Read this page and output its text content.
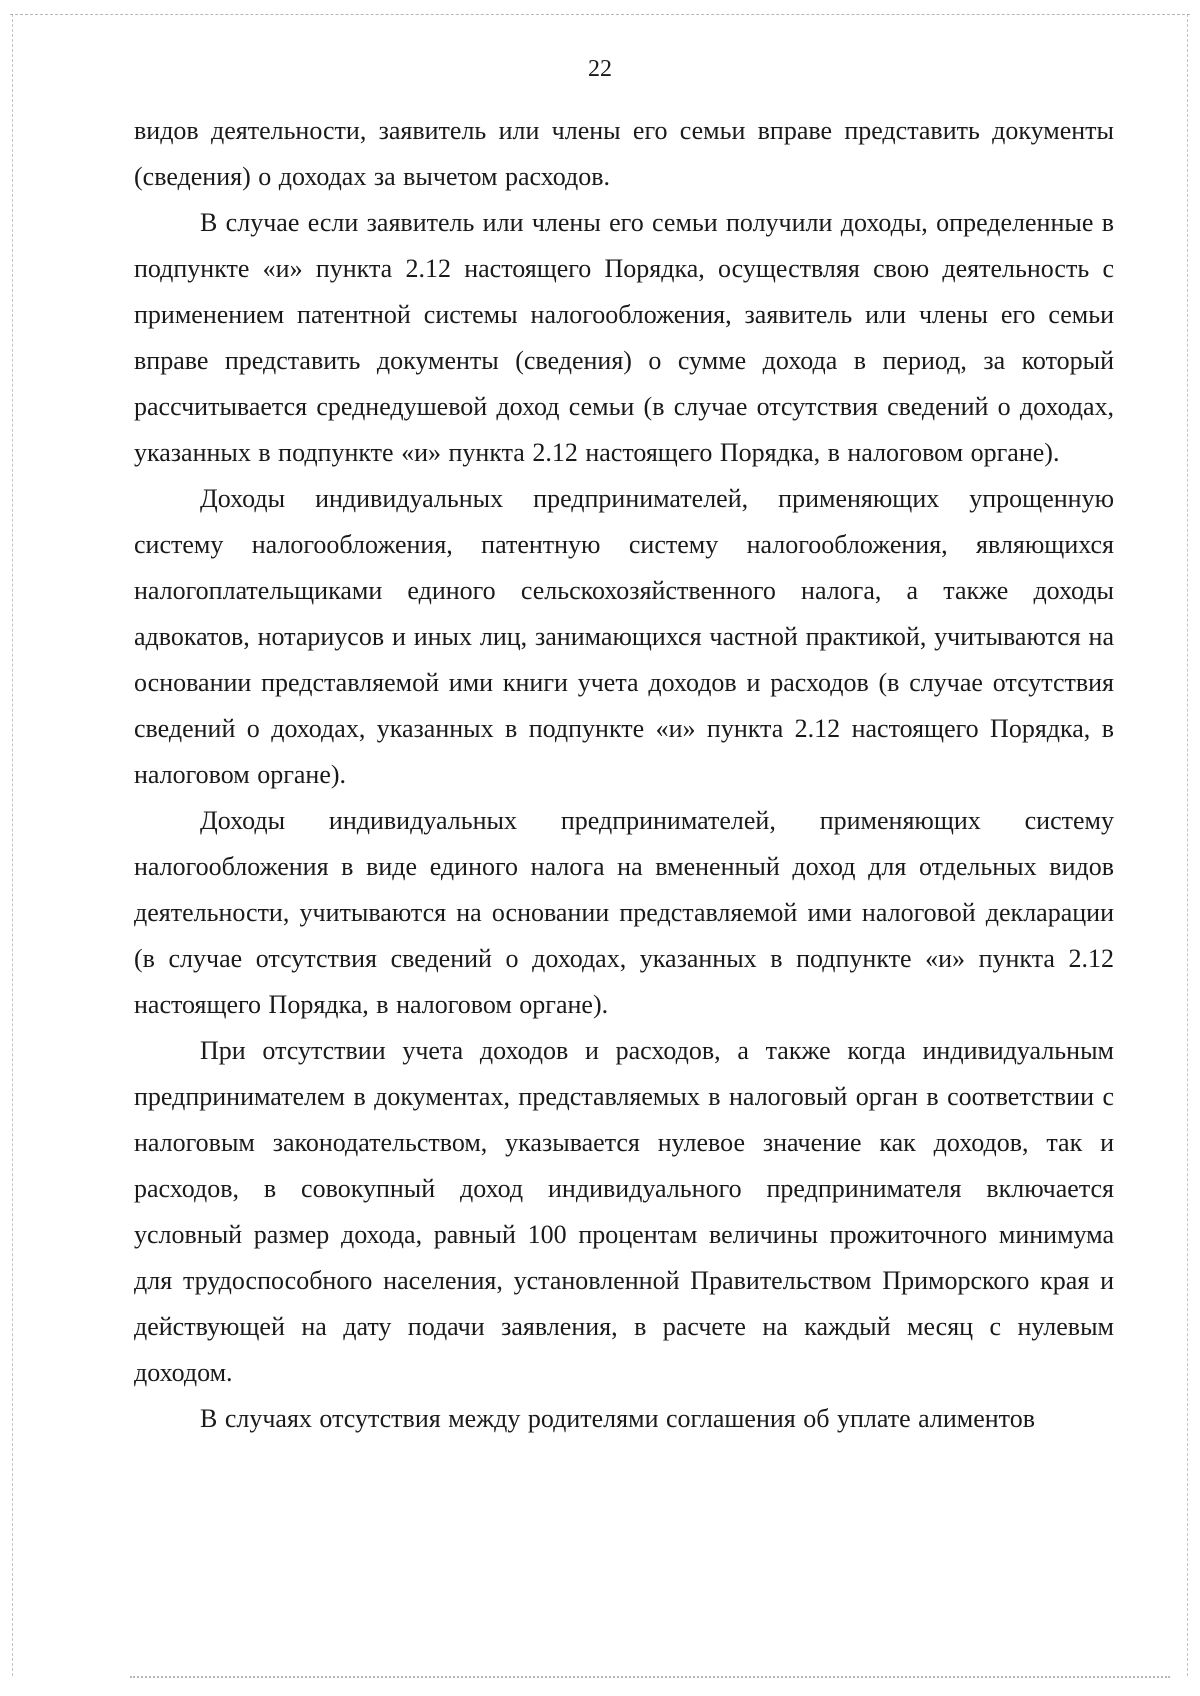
22

видов деятельности, заявитель или члены его семьи вправе представить документы (сведения) о доходах за вычетом расходов.

В случае если заявитель или члены его семьи получили доходы, определенные в подпункте «и» пункта 2.12 настоящего Порядка, осуществляя свою деятельность с применением патентной системы налогообложения, заявитель или члены его семьи вправе представить документы (сведения) о сумме дохода в период, за который рассчитывается среднедушевой доход семьи (в случае отсутствия сведений о доходах, указанных в подпункте «и» пункта 2.12 настоящего Порядка, в налоговом органе).

Доходы индивидуальных предпринимателей, применяющих упрощенную систему налогообложения, патентную систему налогообложения, являющихся налогоплательщиками единого сельскохозяйственного налога, а также доходы адвокатов, нотариусов и иных лиц, занимающихся частной практикой, учитываются на основании представляемой ими книги учета доходов и расходов (в случае отсутствия сведений о доходах, указанных в подпункте «и» пункта 2.12 настоящего Порядка, в налоговом органе).

Доходы индивидуальных предпринимателей, применяющих систему налогообложения в виде единого налога на вмененный доход для отдельных видов деятельности, учитываются на основании представляемой ими налоговой декларации (в случае отсутствия сведений о доходах, указанных в подпункте «и» пункта 2.12 настоящего Порядка, в налоговом органе).

При отсутствии учета доходов и расходов, а также когда индивидуальным предпринимателем в документах, представляемых в налоговый орган в соответствии с налоговым законодательством, указывается нулевое значение как доходов, так и расходов, в совокупный доход индивидуального предпринимателя включается условный размер дохода, равный 100 процентам величины прожиточного минимума для трудоспособного населения, установленной Правительством Приморского края и действующей на дату подачи заявления, в расчете на каждый месяц с нулевым доходом.

В случаях отсутствия между родителями соглашения об уплате алиментов
